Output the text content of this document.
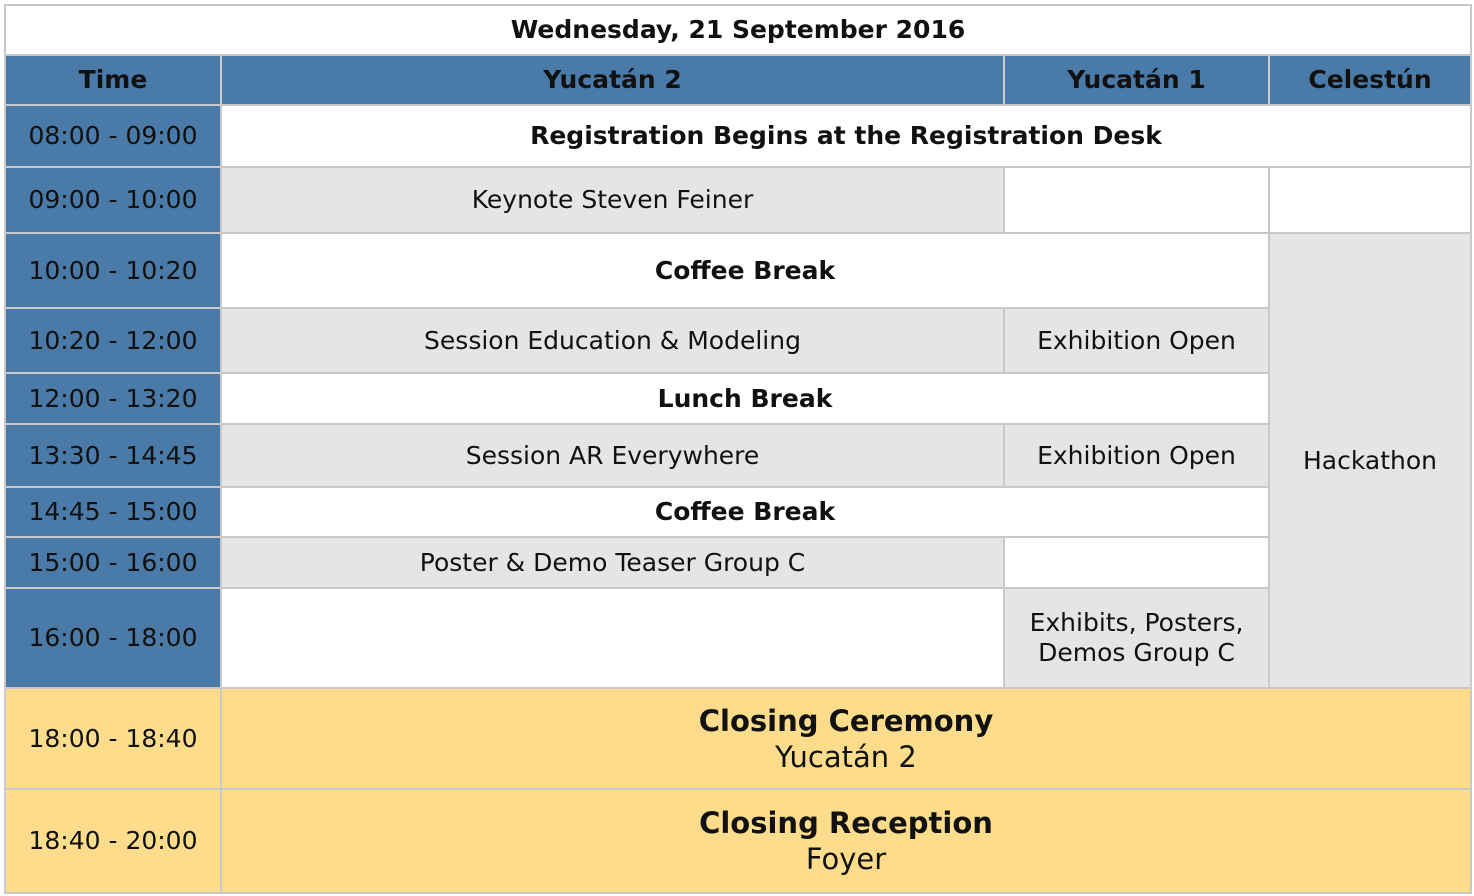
Wednesday, 21 September 2016			
Time	Yucatán 2	Yucatán 1	Celestún
08:00 - 09:00	Registration Begins at the Registration Desk		
09:00 - 10:00	Keynote Steven Feiner		
10:00 - 10:20	Coffee Break		Hackathon
10:20 - 12:00	Session Education & Modeling	Exhibition Open	
12:00 - 13:20	Lunch Break		
13:30 - 14:45	Session AR Everywhere	Exhibition Open	
14:45 - 15:00	Coffee Break		
15:00 - 16:00	Poster & Demo Teaser Group C		
16:00 - 18:00		Exhibits, Posters,
Demos Group C	

18:00 - 18:40	Closing Ceremony
Yucatán 2		

18:40 - 20:00	Closing Reception
Foyer		
